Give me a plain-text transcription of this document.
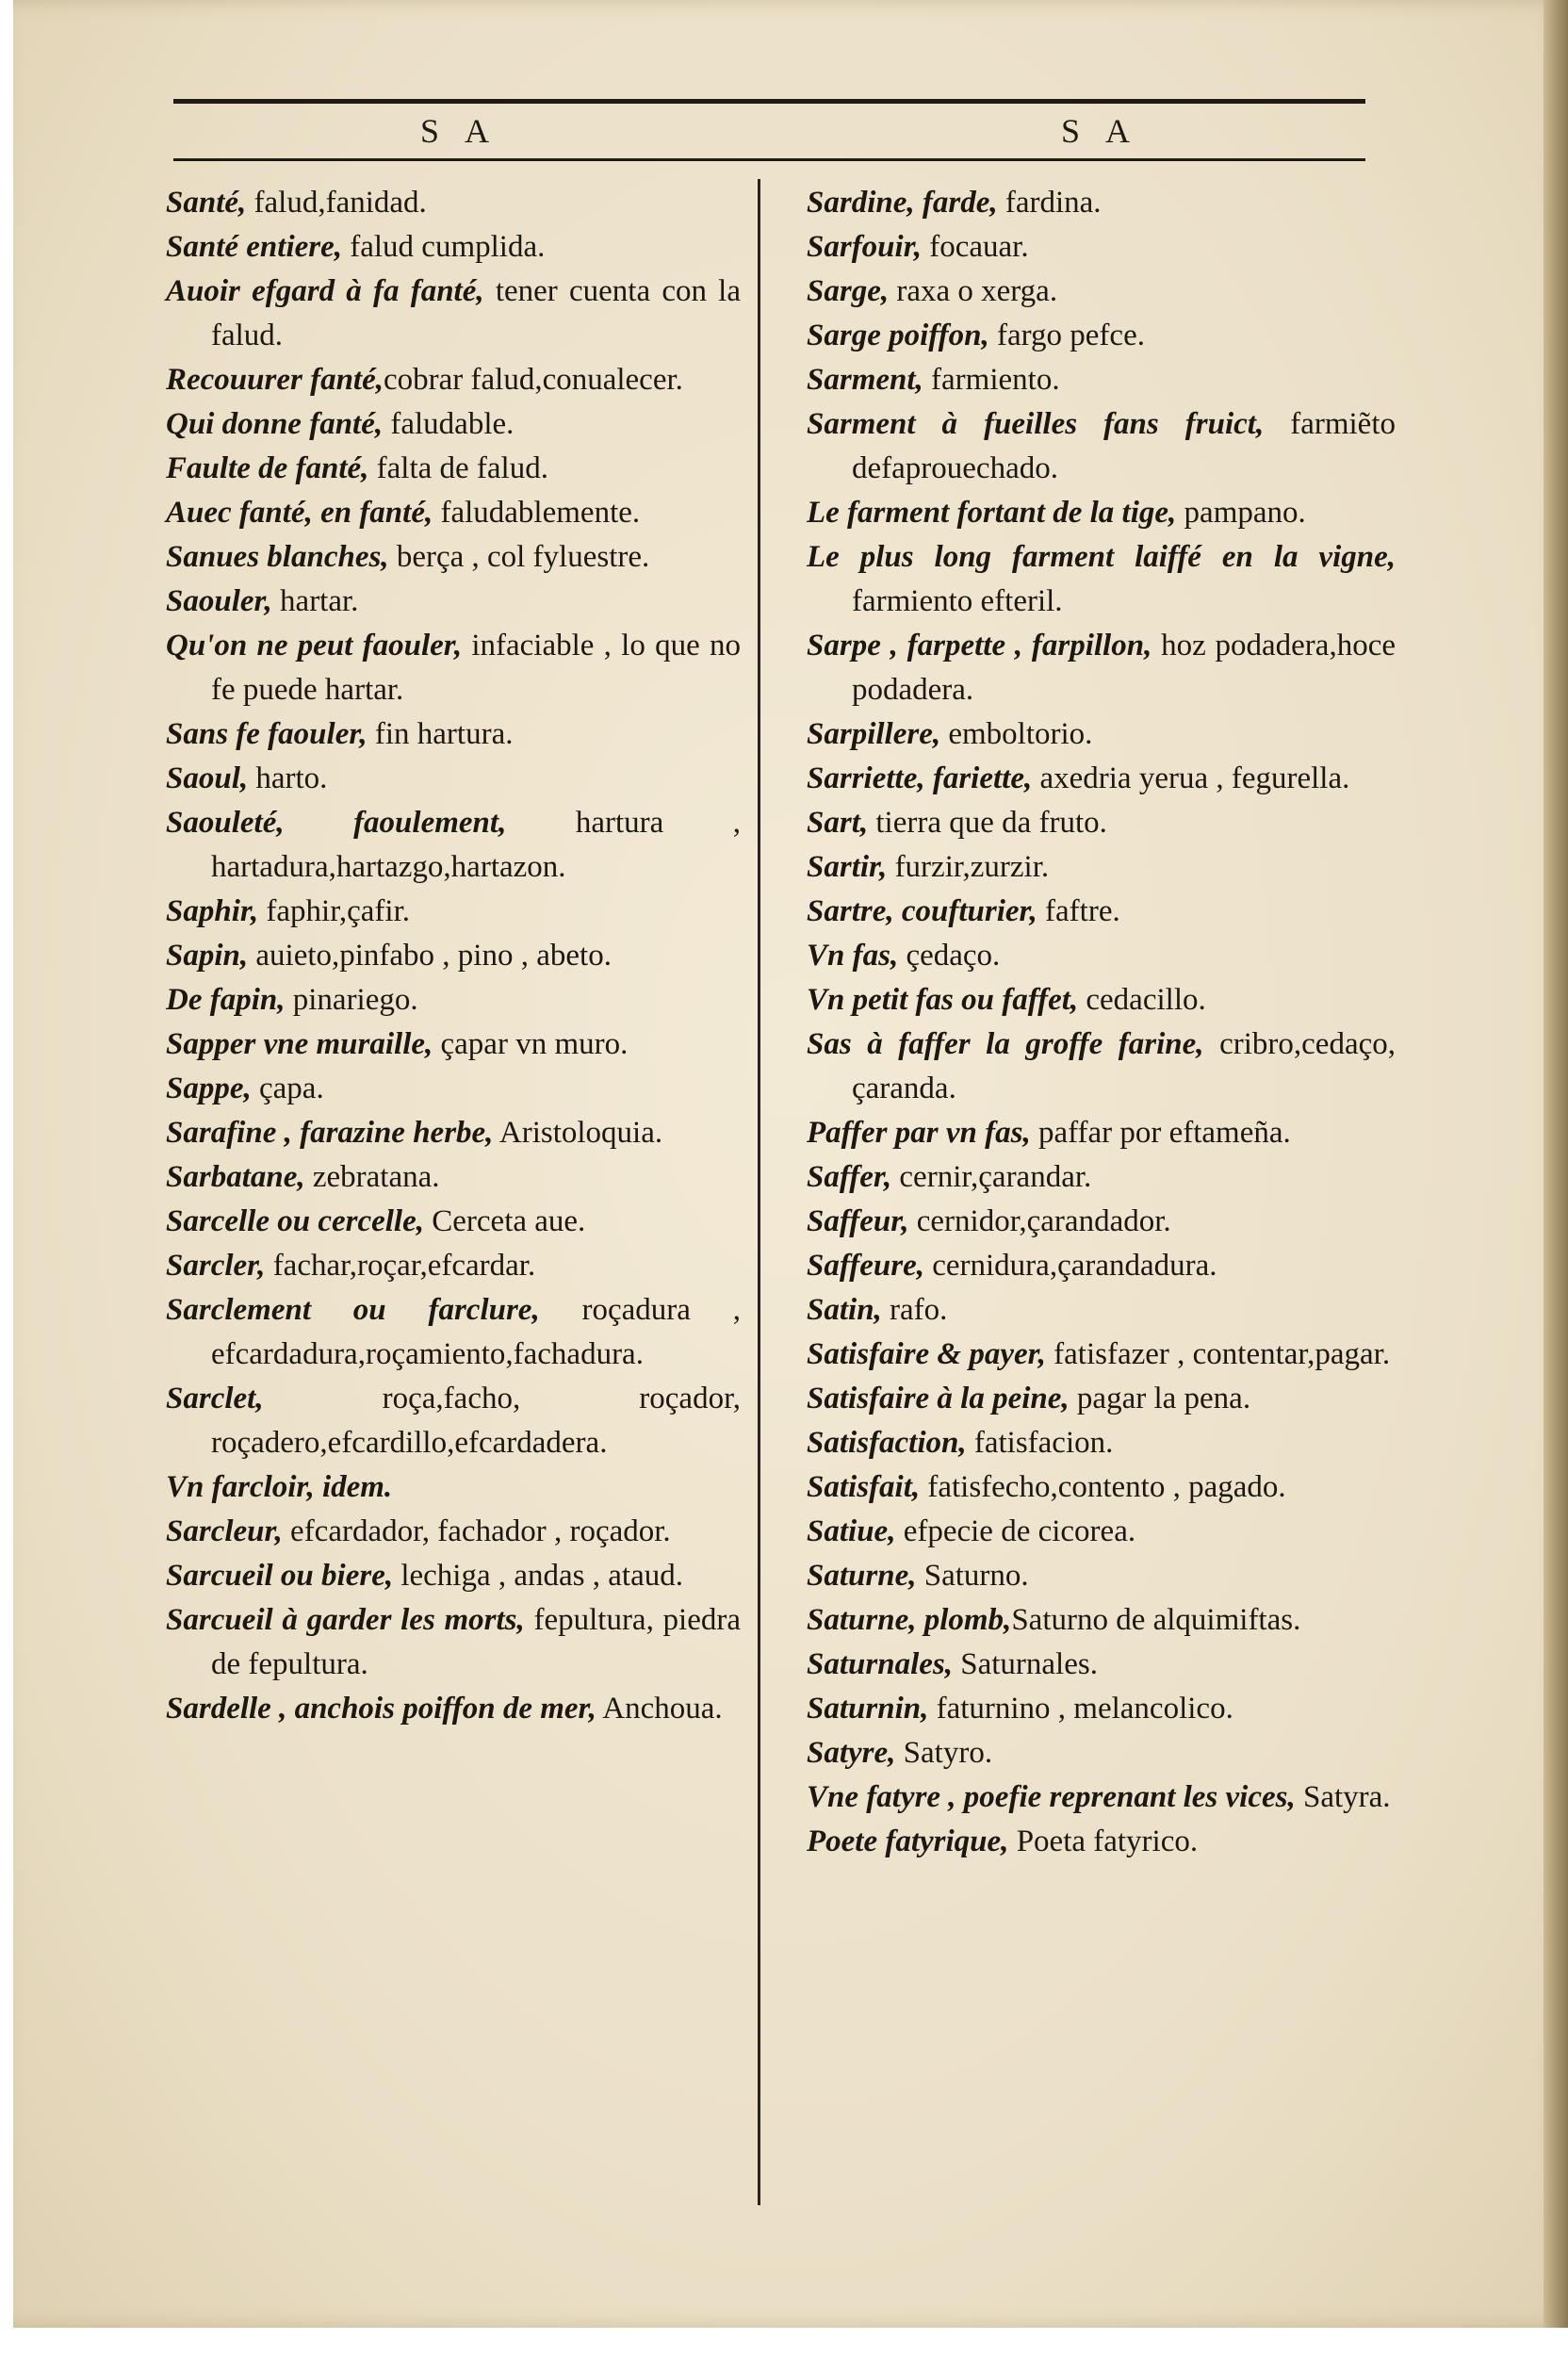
S A	S A

Santé, falud,fanidad.

Santé entiere, falud cumplida.

Auoir efgard à fa fanté, tener cuenta con la falud.

Recouurer fanté,cobrar falud,conualecer.

Qui donne fanté, faludable.

Faulte de fanté, falta de falud.

Auec fanté, en fanté, faludablemente.

Sanues blanches, berça , col fyluestre.

Saouler, hartar.

Qu'on ne peut faouler, infaciable , lo que no fe puede hartar.

Sans fe faouler, fin hartura.

Saoul, harto.

Saouleté, faoulement, hartura , hartadura,hartazgo,hartazon.

Saphir, faphir,çafir.

Sapin, auieto,pinfabo , pino , abeto.

De fapin, pinariego.

Sapper vne muraille, çapar vn muro.

Sappe, çapa.

Sarafine , farazine herbe, Aristoloquia.

Sarbatane, zebratana.

Sarcelle ou cercelle, Cerceta aue.

Sarcler, fachar,roçar,efcardar.

Sarclement ou farclure, roçadura , efcardadura,roçamiento,fachadura.

Sarclet, roça,facho, roçador, roçadero,efcardillo,efcardadera.

Vn farcloir, idem.

Sarcleur, efcardador, fachador , roçador.

Sarcueil ou biere, lechiga , andas , ataud.

Sarcueil à garder les morts, fepultura, piedra de fepultura.

Sardelle , anchois poiffon de mer, Anchoua.

Sardine, farde, fardina.

Sarfouir, focauar.

Sarge, raxa o xerga.

Sarge poiffon, fargo pefce.

Sarment, farmiento.

Sarment à fueilles fans fruict, farmiẽto defaprouechado.

Le farment fortant de la tige, pampano.

Le plus long farment laiffé en la vigne, farmiento efteril.

Sarpe , farpette , farpillon, hoz podadera,hoce podadera.

Sarpillere, emboltorio.

Sarriette, fariette, axedria yerua , fegurella.

Sart, tierra que da fruto.

Sartir, furzir,zurzir.

Sartre, coufturier, faftre.

Vn fas, çedaço.

Vn petit fas ou faffet, cedacillo.

Sas à faffer la groffe farine, cribro,cedaço, çaranda.

Paffer par vn fas, paffar por eftameña.

Saffer, cernir,çarandar.

Saffeur, cernidor,çarandador.

Saffeure, cernidura,çarandadura.

Satin, rafo.

Satisfaire & payer, fatisfazer , contentar,pagar.

Satisfaire à la peine, pagar la pena.

Satisfaction, fatisfacion.

Satisfait, fatisfecho,contento , pagado.

Satiue, efpecie de cicorea.

Saturne, Saturno.

Saturne, plomb,Saturno de alquimiftas.

Saturnales, Saturnales.

Saturnin, faturnino , melancolico.

Satyre, Satyro.

Vne fatyre , poefie reprenant les vices, Satyra.

Poete fatyrique, Poeta fatyrico.
